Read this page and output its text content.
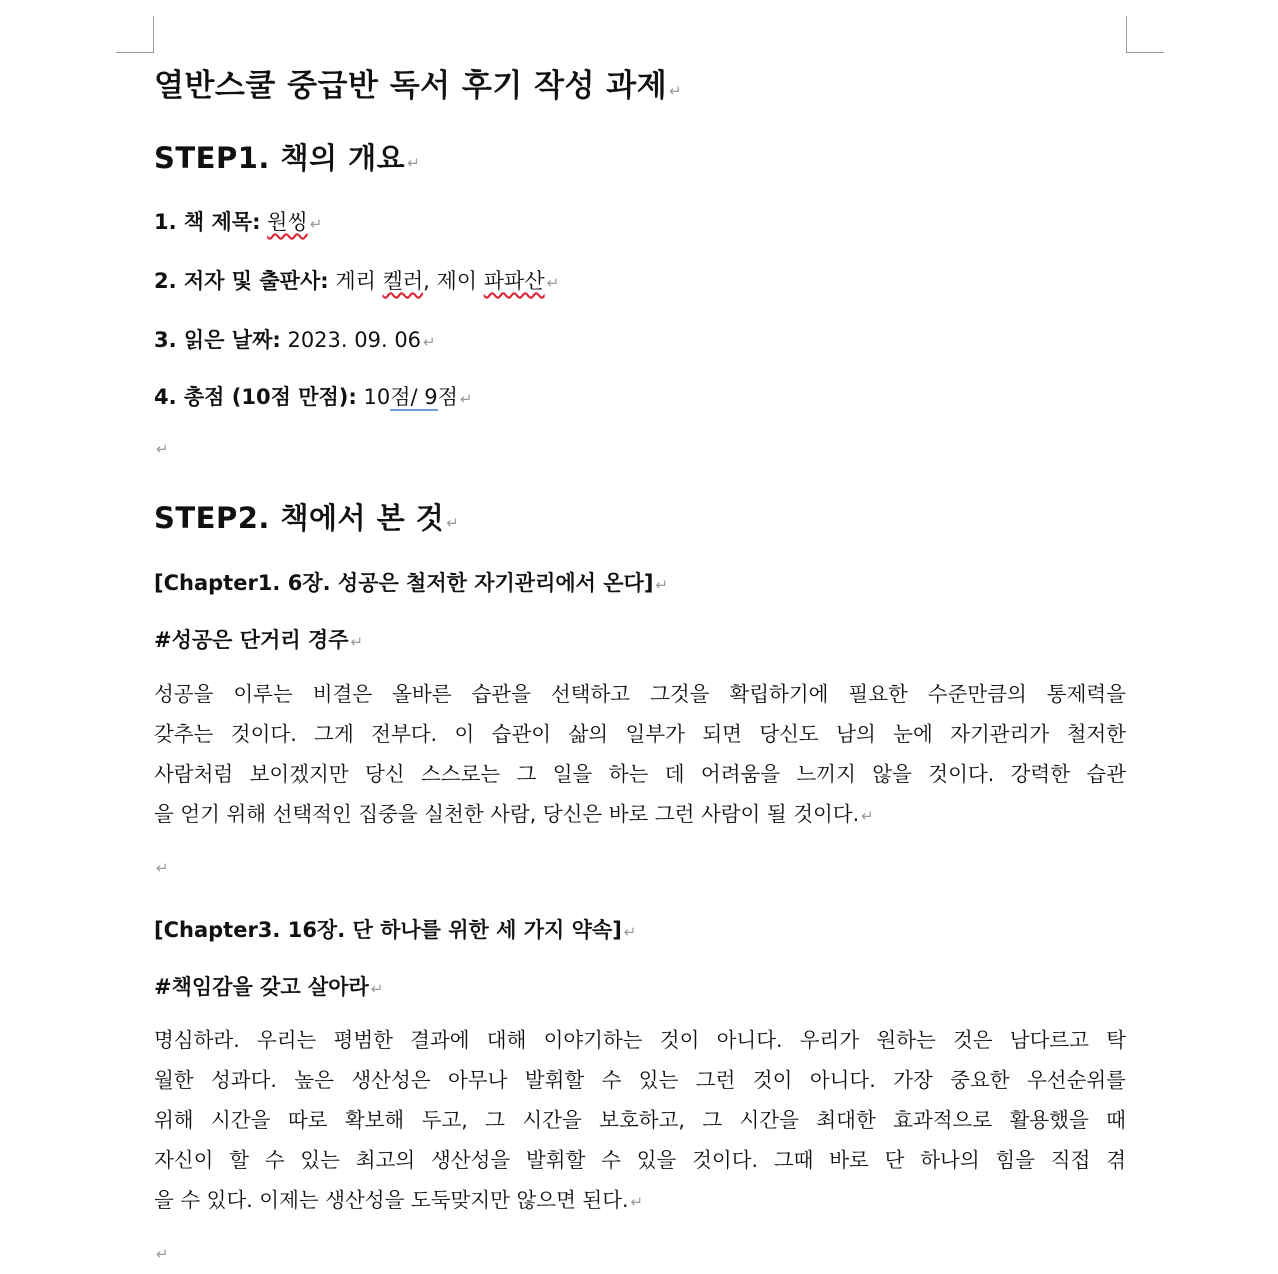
열반스쿨 중급반 독서 후기 작성 과제 ↵
STEP1. 책의 개요 ↵
1. 책 제목: 원씽 ↵
2. 저자 및 출판사: 게리 켈러, 제이 파파산 ↵
3. 읽은 날짜: 2023. 09. 06 ↵
4. 총점 (10점 만점): 10점/ 9점 ↵
↵
STEP2. 책에서 본 것 ↵
[Chapter1. 6장. 성공은 철저한 자기관리에서 온다] ↵
#성공은 단거리 경주 ↵
성공을 이루는 비결은 올바른 습관을 선택하고 그것을 확립하기에 필요한 수준만큼의 통제력을
갖추는 것이다. 그게 전부다. 이 습관이 삶의 일부가 되면 당신도 남의 눈에 자기관리가 철저한
사람처럼 보이겠지만 당신 스스로는 그 일을 하는 데 어려움을 느끼지 않을 것이다. 강력한 습관
을 얻기 위해 선택적인 집중을 실천한 사람, 당신은 바로 그런 사람이 될 것이다. ↵
↵
[Chapter3. 16장. 단 하나를 위한 세 가지 약속] ↵
#책임감을 갖고 살아라 ↵
명심하라. 우리는 평범한 결과에 대해 이야기하는 것이 아니다. 우리가 원하는 것은 남다르고 탁
월한 성과다. 높은 생산성은 아무나 발휘할 수 있는 그런 것이 아니다. 가장 중요한 우선순위를
위해 시간을 따로 확보해 두고, 그 시간을 보호하고, 그 시간을 최대한 효과적으로 활용했을 때
자신이 할 수 있는 최고의 생산성을 발휘할 수 있을 것이다. 그때 바로 단 하나의 힘을 직접 겪
을 수 있다. 이제는 생산성을 도둑맞지만 않으면 된다. ↵
↵
